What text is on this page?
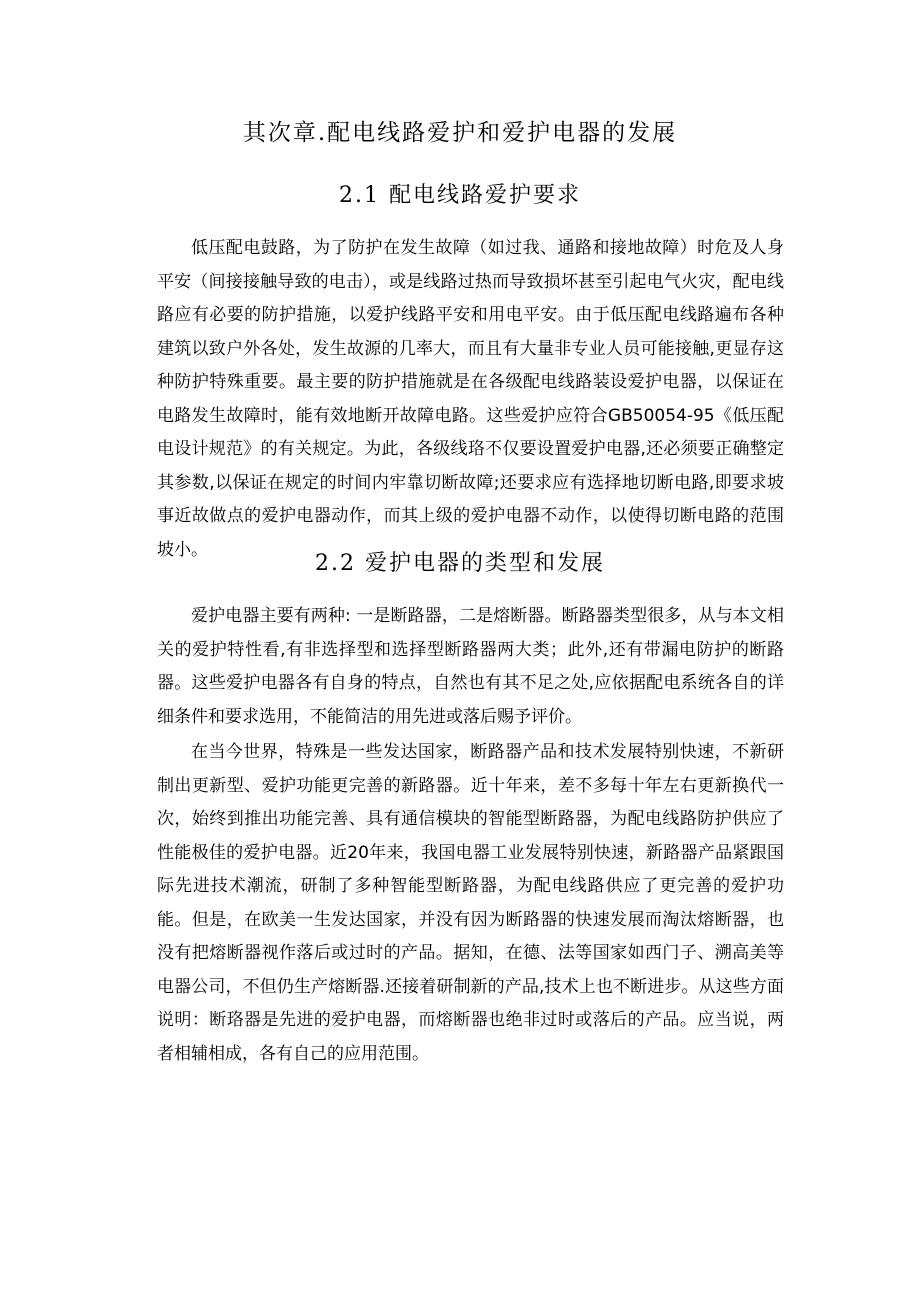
其次章.配电线路爱护和爱护电器的发展
2.1 配电线路爱护要求

低压配电鼓路，为了防护在发生故障（如过我、通路和接地故障）时危及人身平安（间接接触导致的电击），或是线路过热而导致损坏甚至引起电气火灾，配电线路应有必要的防护措施，以爱护线路平安和用电平安。由于低压配电线路遍布各种建筑以致户外各处，发生故源的几率大，而且有大量非专业人员可能接触,更显存这种防护特殊重要。最主要的防护措施就是在各级配电线路装设爱护电器，以保证在电路发生故障时，能有效地断开故障电路。这些爱护应符合GB50054-95《低压配电设计规范》的有关规定。为此，各级线珞不仅要设置爱护电器,还必须要正确整定其参数,以保证在规定的时间内牢靠切断故障;还要求应有选择地切断电路,即要求坡事近故做点的爱护电器动作，而其上级的爱护电器不动作，以使得切断电路的范围坡小。

2.2 爱护电器的类型和发展

爱护电器主要有两种: 一是断路器，二是熔断器。断路器类型很多，从与本文相关的爱护特性看,有非选择型和选择型断路器两大类；此外,还有带漏电防护的断路器。这些爱护电器各有自身的特点，自然也有其不足之处,应依据配电系统各自的详细条件和要求选用，不能简洁的用先进或落后赐予评价。

在当今世界，特殊是一些发达国家，断路器产品和技术发展特别快速，不新研制出更新型、爱护功能更完善的新路器。近十年来，差不多每十年左右更新换代一次，始终到推出功能完善、具有通信模块的智能型断路器，为配电线路防护供应了性能极佳的爱护电器。近20年来，我国电器工业发展特别快速，新路器产品紧跟国际先进技术潮流，研制了多种智能型断路器，为配电线路供应了更完善的爱护功能。但是，在欧美一生发达国家，并没有因为断路器的快速发展而淘汰熔断器，也没有把熔断器视作落后或过时的产品。据知，在德、法等国家如西门子、溯高美等电器公司，不但仍生产熔断器.还接着研制新的产品,技术上也不断进步。从这些方面说明：断珞器是先进的爱护电器，而熔断器也绝非过时或落后的产品。应当说，两者相辅相成，各有自己的应用范围。
